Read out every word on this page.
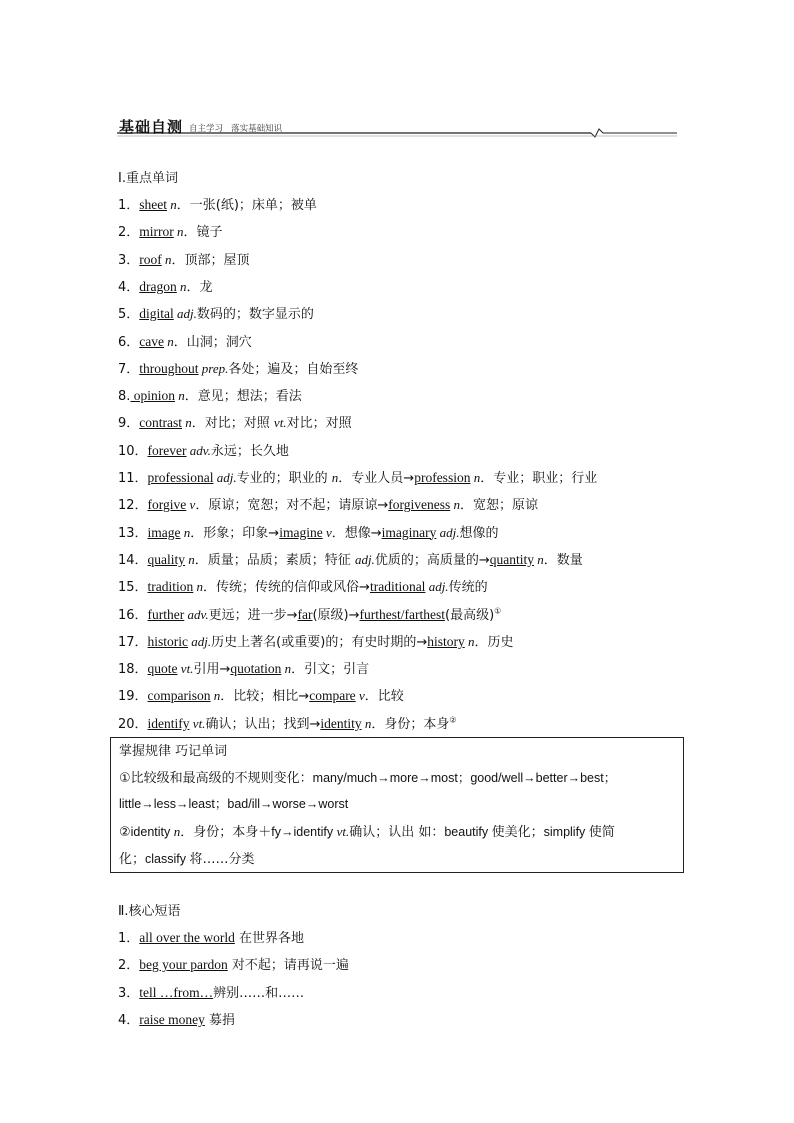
基础自测 自主学习   落实基础知识
Ⅰ.重点单词
1．sheet n．一张(纸)；床单；被单
2．mirror n．镜子
3．roof n．顶部；屋顶
4．dragon n．龙
5．digital adj.数码的；数字显示的
6．cave n．山洞；洞穴
7．throughout prep.各处；遍及；自始至终
8. opinion n．意见；想法；看法
9．contrast n．对比；对照 vt.对比；对照
10．forever adv.永远；长久地
11．professional adj.专业的；职业的 n．专业人员→profession n．专业；职业；行业
12．forgive v．原谅；宽恕；对不起；请原谅→forgiveness n．宽恕；原谅
13．image n．形象；印象→imagine v．想像→imaginary adj.想像的
14．quality n．质量；品质；素质；特征 adj.优质的；高质量的→quantity n．数量
15．tradition n．传统；传统的信仰或风俗→traditional adj.传统的
16．further adv.更远；进一步→far(原级)→furthest/farthest(最高级)①
17．historic adj.历史上著名(或重要)的；有史时期的→history n．历史
18．quote vt.引用→quotation n．引文；引言
19．comparison n．比较；相比→compare v．比较
20．identify vt.确认；认出；找到→identity n．身份；本身②
掌握规律 巧记单词
①比较级和最高级的不规则变化：many/much→more→most；good/well→better→best；
little→less→least；bad/ill→worse→worst
②identity n．身份；本身＋fy→identify vt.确认；认出 如：beautify 使美化；simplify 使简
化；classify 将……分类
Ⅱ.核心短语
1．all over the world 在世界各地
2．beg your pardon 对不起；请再说一遍
3．tell …from…辨别……和……
4．raise money 募捐
